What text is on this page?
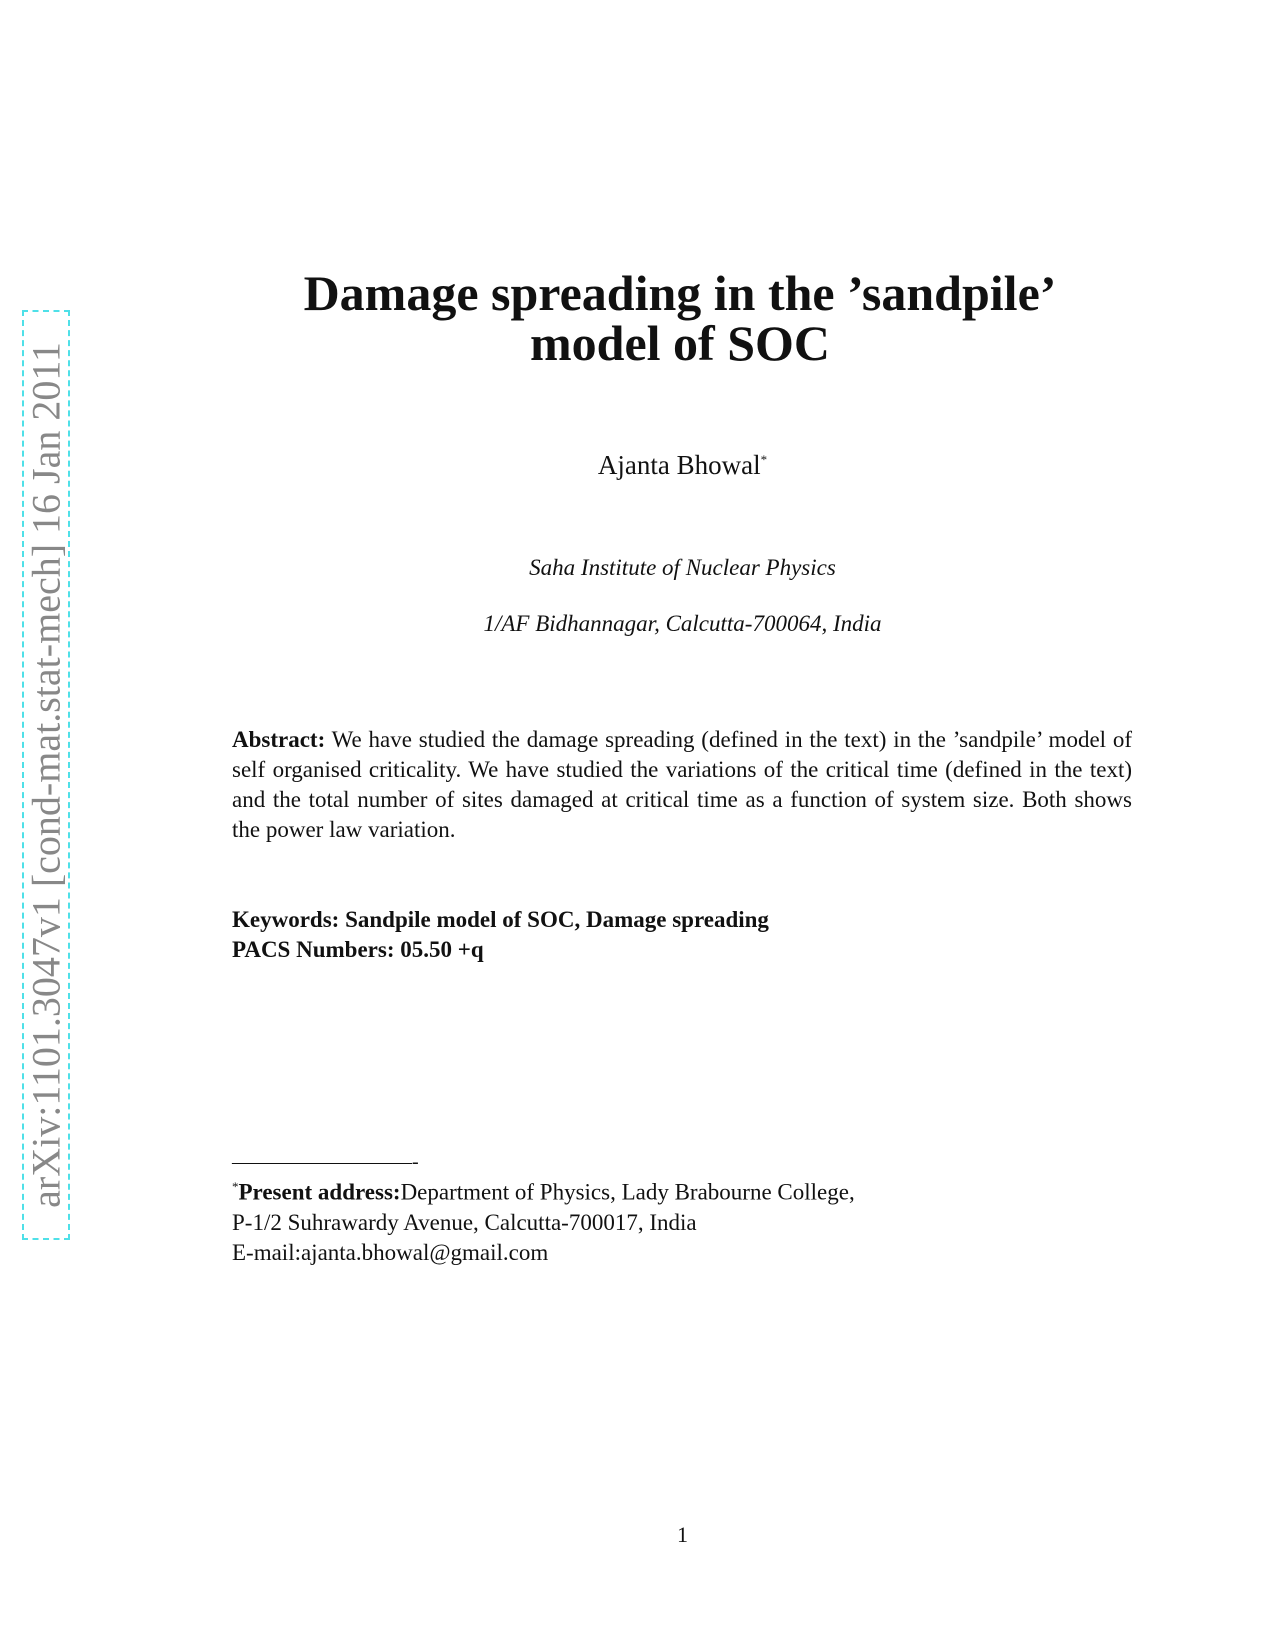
arXiv:1101.3047v1 [cond-mat.stat-mech] 16 Jan 2011
Damage spreading in the ’sandpile’
model of SOC
Ajanta Bhowal*
Saha Institute of Nuclear Physics
1/AF Bidhannagar, Calcutta-700064, India
Abstract: We have studied the damage spreading (defined in the text) in the ’sandpile’ model of self organised criticality. We have studied the variations of the critical time (defined in the text) and the total number of sites damaged at critical time as a function of system size. Both shows the power law variation.
Keywords: Sandpile model of SOC, Damage spreading
PACS Numbers: 05.50 +q
—————————-
*Present address:Department of Physics, Lady Brabourne College,
P-1/2 Suhrawardy Avenue, Calcutta-700017, India
E-mail:ajanta.bhowal@gmail.com
1
